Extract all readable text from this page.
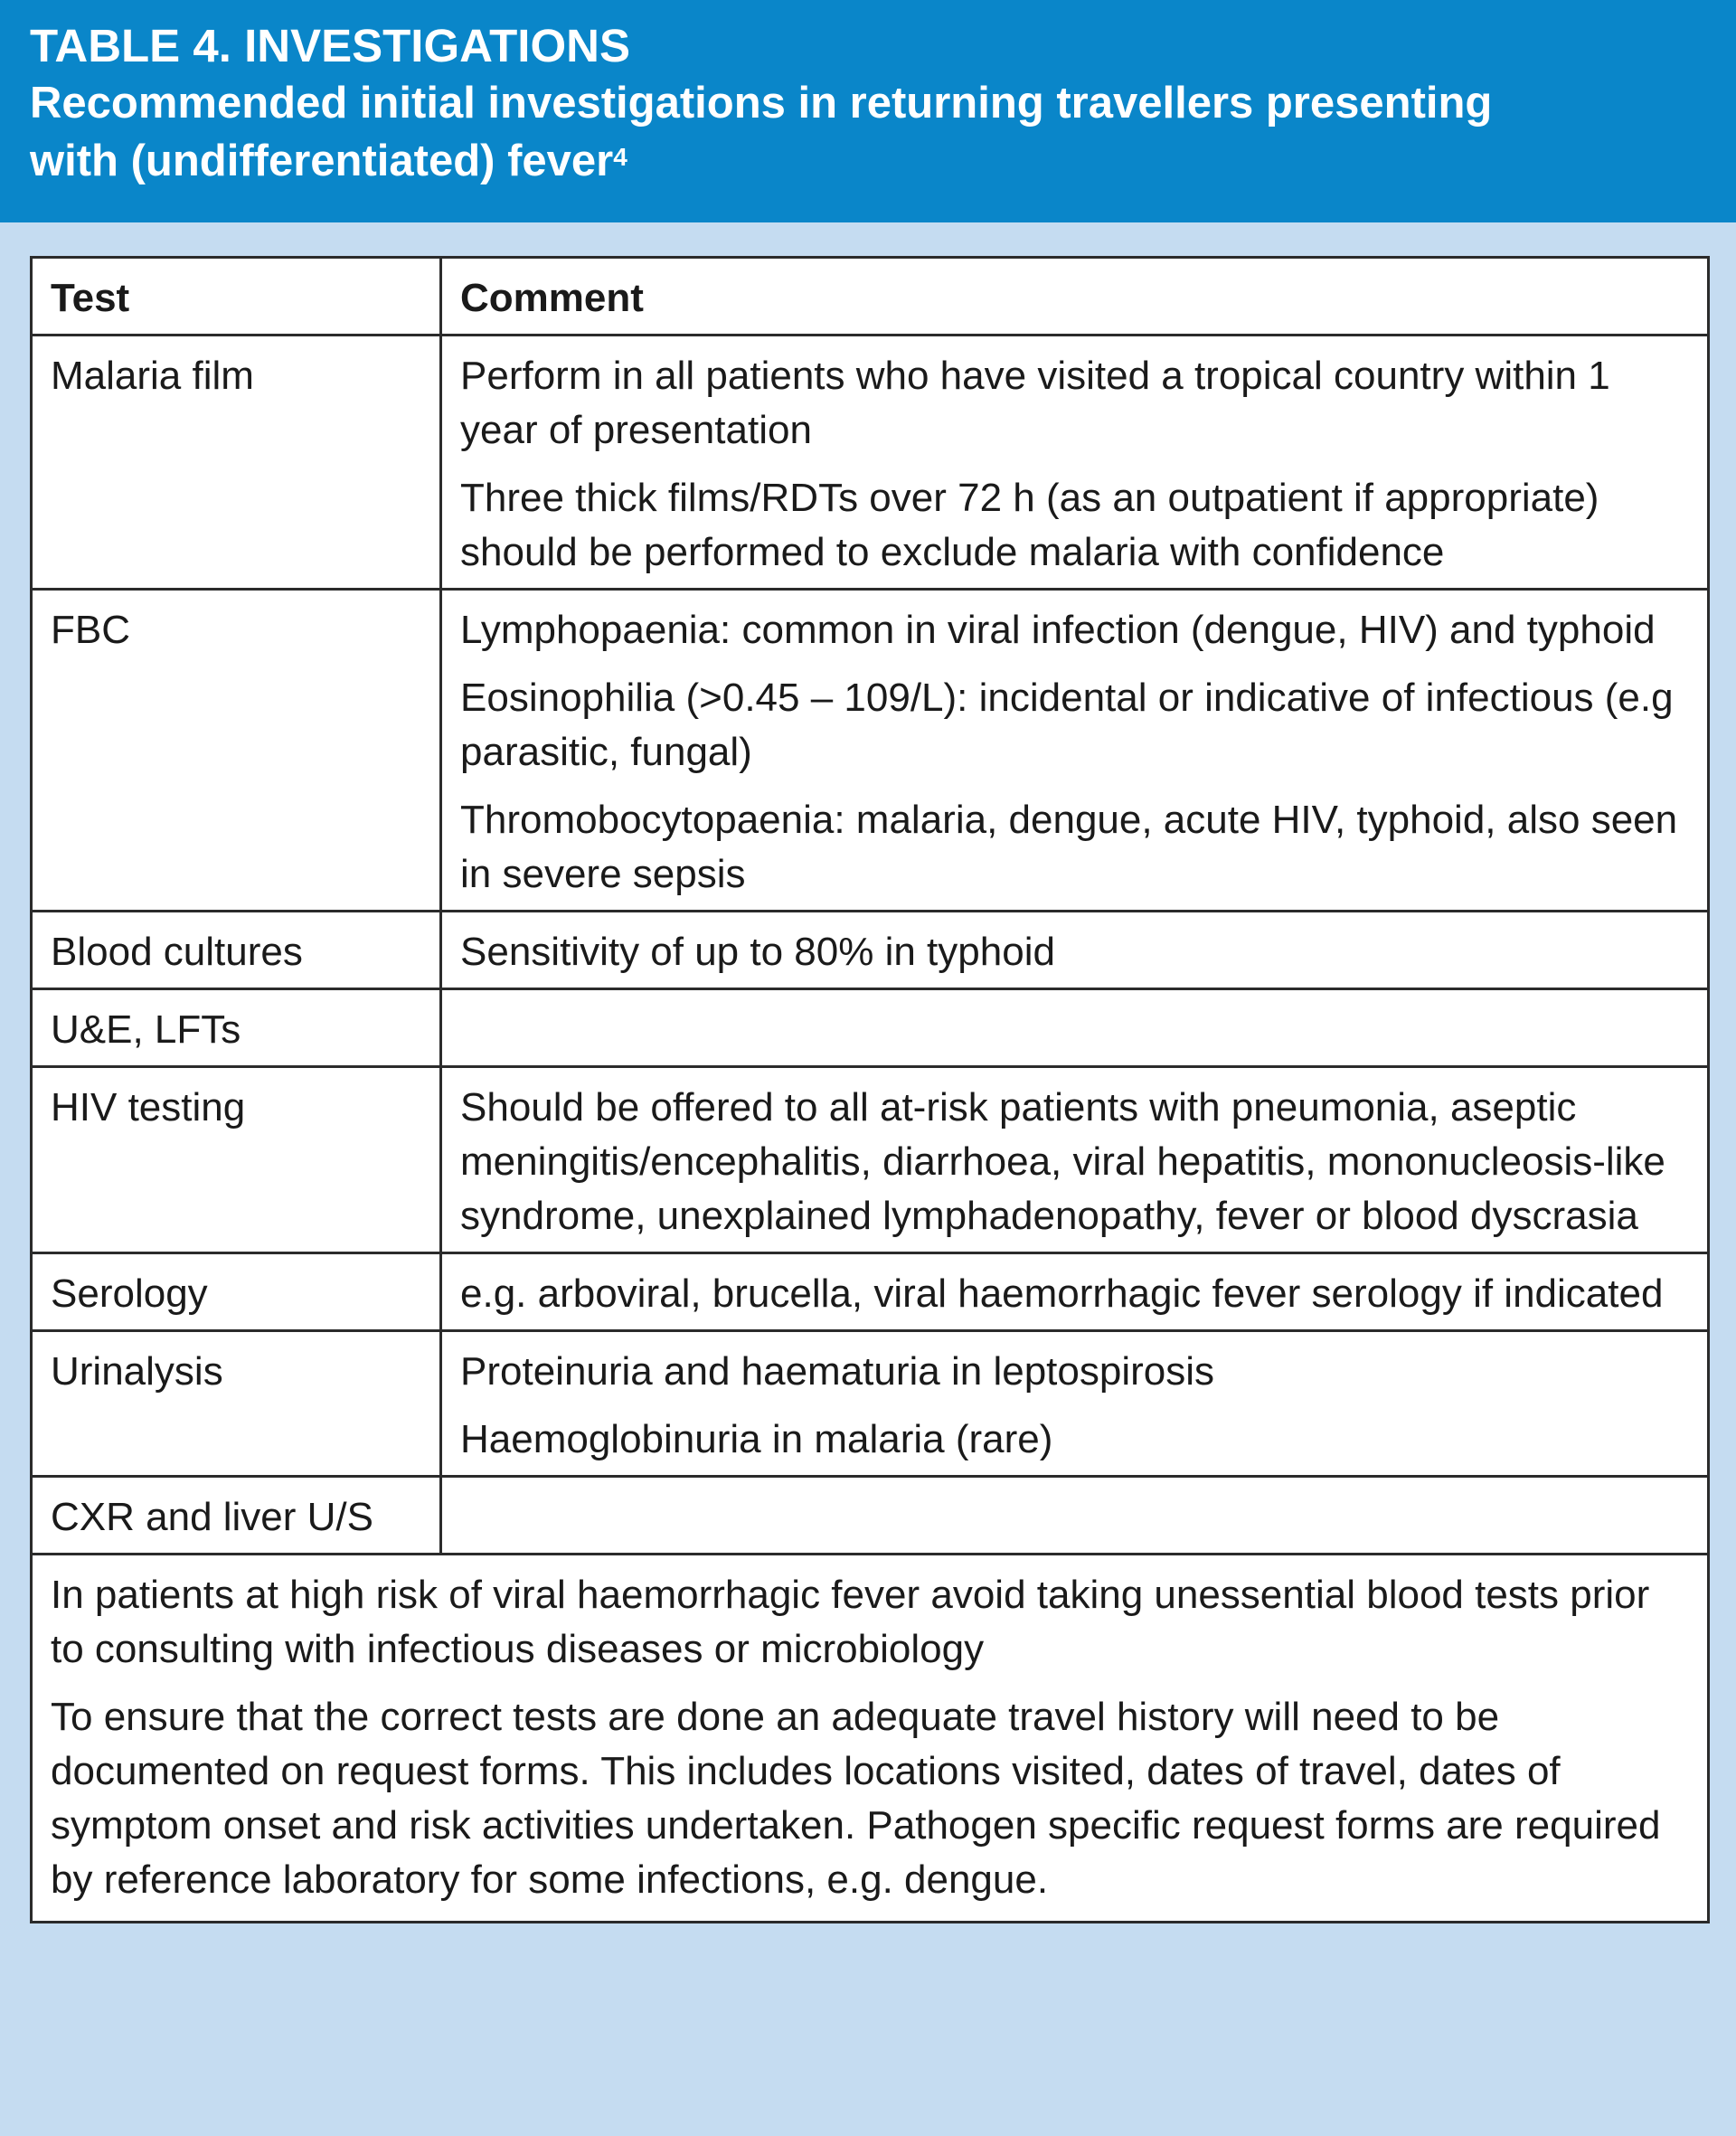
TABLE 4. INVESTIGATIONS
Recommended initial investigations in returning travellers presenting with (undifferentiated) fever$^4$
Test	Comment
Malaria film	Perform in all patients who have visited a tropical country within 1 year of presentation

Three thick films/RDTs over 72 h (as an outpatient if appropriate) should be performed to exclude malaria with confidence

FBC	Lymphopaenia: common in viral infection (dengue, HIV) and typhoid

Eosinophilia (>0.45 – 109/L): incidental or indicative of infectious (e.g parasitic, fungal)

Thromobocytopaenia: malaria, dengue, acute HIV, typhoid, also seen in severe sepsis

Blood cultures	Sensitivity of up to 80% in typhoid

U&E, LFTs	
HIV testing	Should be offered to all at-risk patients with pneumonia, aseptic meningitis/encephalitis, diarrhoea, viral hepatitis, mononucleosis-like syndrome, unexplained lymphadenopathy, fever or blood dyscrasia

Serology	e.g. arboviral, brucella, viral haemorrhagic fever serology if indicated

Urinalysis	Proteinuria and haematuria in leptospirosis

Haemoglobinuria in malaria (rare)

CXR and liver U/S	

In patients at high risk of viral haemorrhagic fever avoid taking unessential blood tests prior to consulting with infectious diseases or microbiology

To ensure that the correct tests are done an adequate travel history will need to be documented on request forms. This includes locations visited, dates of travel, dates of symptom onset and risk activities undertaken. Pathogen specific request forms are required by reference laboratory for some infections, e.g. dengue.	
